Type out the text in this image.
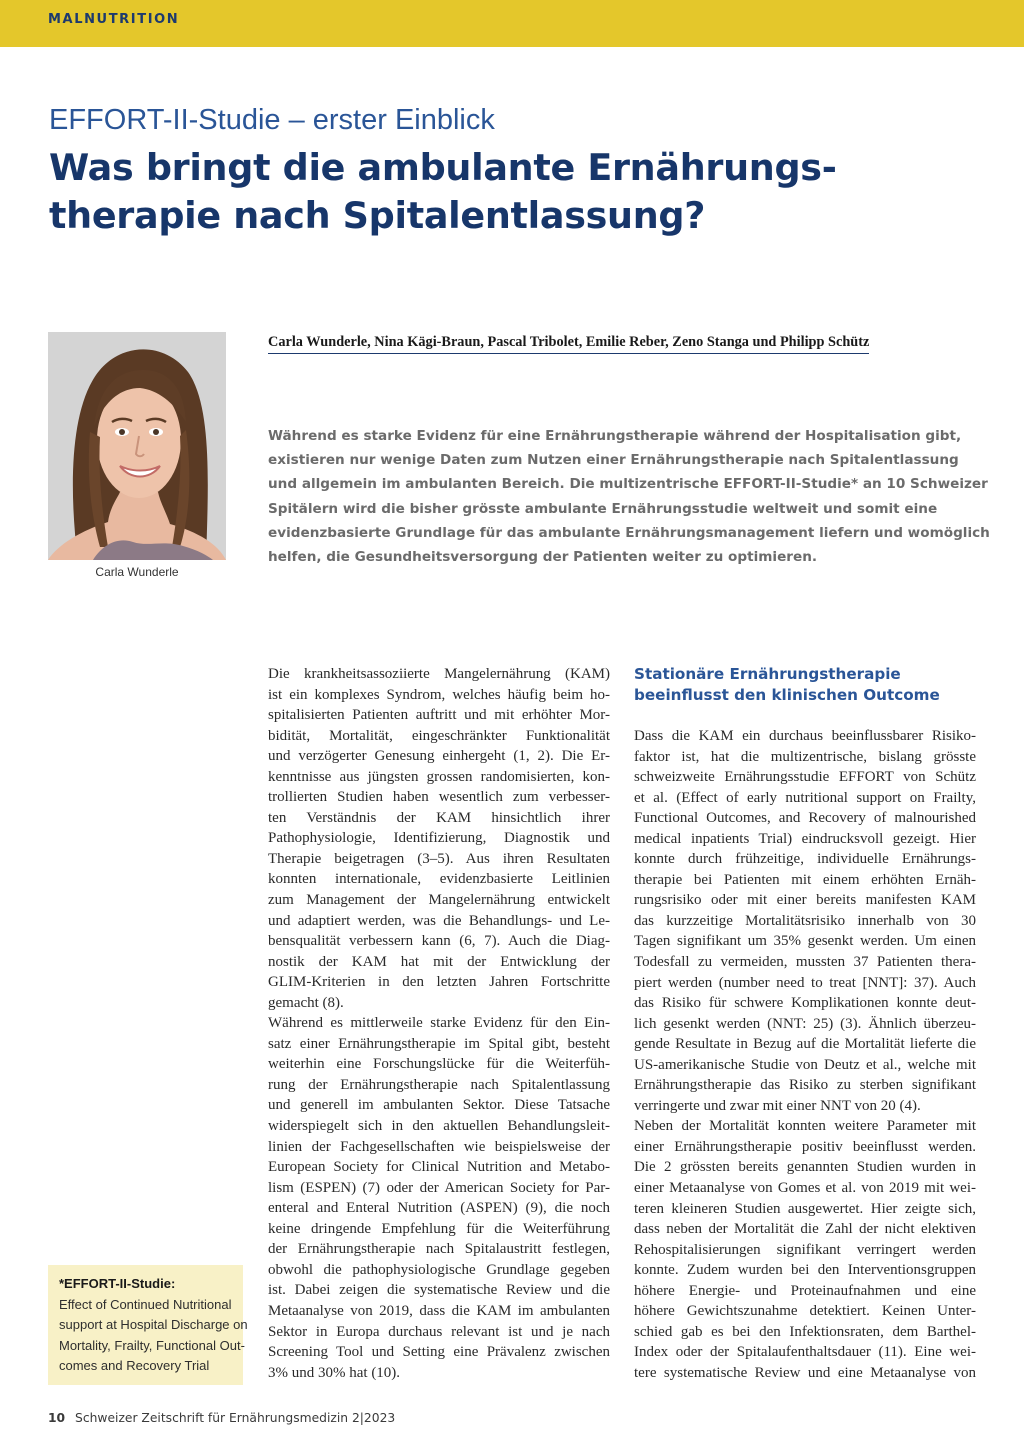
MALNUTRITION
EFFORT-II-Studie – erster Einblick
Was bringt die ambulante Ernährungs-
therapie nach Spitalentlassung?
Carla Wunderle
Carla Wunderle, Nina Kägi-Braun, Pascal Tribolet, Emilie Reber, Zeno Stanga und Philipp Schütz
Während es starke Evidenz für eine Ernährungstherapie während der Hospitalisation gibt,
existieren nur wenige Daten zum Nutzen einer Ernährungstherapie nach Spitalentlassung
und allgemein im ambulanten Bereich. Die multizentrische EFFORT-II-Studie* an 10 Schweizer
Spitälern wird die bisher grösste ambulante Ernährungsstudie weltweit und somit eine
evidenzbasierte Grundlage für das ambulante Ernährungsmanagement liefern und womöglich
helfen, die Gesundheitsversorgung der Patienten weiter zu optimieren.
Die krankheitsassoziierte Mangelernährung (KAM)
ist ein komplexes Syndrom, welches häufig beim ho-
spitalisierten Patienten auftritt und mit erhöhter Mor-
bidität, Mortalität, eingeschränkter Funktionalität
und verzögerter Genesung einhergeht (1, 2). Die Er-
kenntnisse aus jüngsten grossen randomisierten, kon-
trollierten Studien haben wesentlich zum verbesser-
ten Verständnis der KAM hinsichtlich ihrer
Pathophysiologie, Identifizierung, Diagnostik und
Therapie beigetragen (3–5). Aus ihren Resultaten
konnten internationale, evidenzbasierte Leitlinien
zum Management der Mangelernährung entwickelt
und adaptiert werden, was die Behandlungs- und Le-
bensqualität verbessern kann (6, 7). Auch die Diag-
nostik der KAM hat mit der Entwicklung der
GLIM-Kriterien in den letzten Jahren Fortschritte
gemacht (8).
Während es mittlerweile starke Evidenz für den Ein-
satz einer Ernährungstherapie im Spital gibt, besteht
weiterhin eine Forschungslücke für die Weiterfüh-
rung der Ernährungstherapie nach Spitalentlassung
und generell im ambulanten Sektor. Diese Tatsache
widerspiegelt sich in den aktuellen Behandlungsleit-
linien der Fachgesellschaften wie beispielsweise der
European Society for Clinical Nutrition and Metabo-
lism (ESPEN) (7) oder der American Society for Par-
enteral and Enteral Nutrition (ASPEN) (9), die noch
keine dringende Empfehlung für die Weiterführung
der Ernährungstherapie nach Spitalaustritt festlegen,
obwohl die pathophysiologische Grundlage gegeben
ist. Dabei zeigen die systematische Review und die
Metaanalyse von 2019, dass die KAM im ambulanten
Sektor in Europa durchaus relevant ist und je nach
Screening Tool und Setting eine Prävalenz zwischen
3% und 30% hat (10).
Stationäre Ernährungstherapie
beeinflusst den klinischen Outcome
Dass die KAM ein durchaus beeinflussbarer Risiko-
faktor ist, hat die multizentrische, bislang grösste
schweizweite Ernährungsstudie EFFORT von Schütz
et al. (Effect of early nutritional support on Frailty,
Functional Outcomes, and Recovery of malnourished
medical inpatients Trial) eindrucksvoll gezeigt. Hier
konnte durch frühzeitige, individuelle Ernährungs-
therapie bei Patienten mit einem erhöhten Ernäh-
rungsrisiko oder mit einer bereits manifesten KAM
das kurzzeitige Mortalitätsrisiko innerhalb von 30
Tagen signifikant um 35% gesenkt werden. Um einen
Todesfall zu vermeiden, mussten 37 Patienten thera-
piert werden (number need to treat [NNT]: 37). Auch
das Risiko für schwere Komplikationen konnte deut-
lich gesenkt werden (NNT: 25) (3). Ähnlich überzeu-
gende Resultate in Bezug auf die Mortalität lieferte die
US-amerikanische Studie von Deutz et al., welche mit
Ernährungstherapie das Risiko zu sterben signifikant
verringerte und zwar mit einer NNT von 20 (4).
Neben der Mortalität konnten weitere Parameter mit
einer Ernährungstherapie positiv beeinflusst werden.
Die 2 grössten bereits genannten Studien wurden in
einer Metaanalyse von Gomes et al. von 2019 mit wei-
teren kleineren Studien ausgewertet. Hier zeigte sich,
dass neben der Mortalität die Zahl der nicht elektiven
Rehospitalisierungen signifikant verringert werden
konnte. Zudem wurden bei den Interventionsgruppen
höhere Energie- und Proteinaufnahmen und eine
höhere Gewichtszunahme detektiert. Keinen Unter-
schied gab es bei den Infektionsraten, dem Barthel-
Index oder der Spitalaufenthaltsdauer (11). Eine wei-
tere systematische Review und eine Metaanalyse von
*EFFORT-II-Studie:
Effect of Continued Nutritional
support at Hospital Discharge on
Mortality, Frailty, Functional Out-
comes and Recovery Trial
10 Schweizer Zeitschrift für Ernährungsmedizin 2|2023
